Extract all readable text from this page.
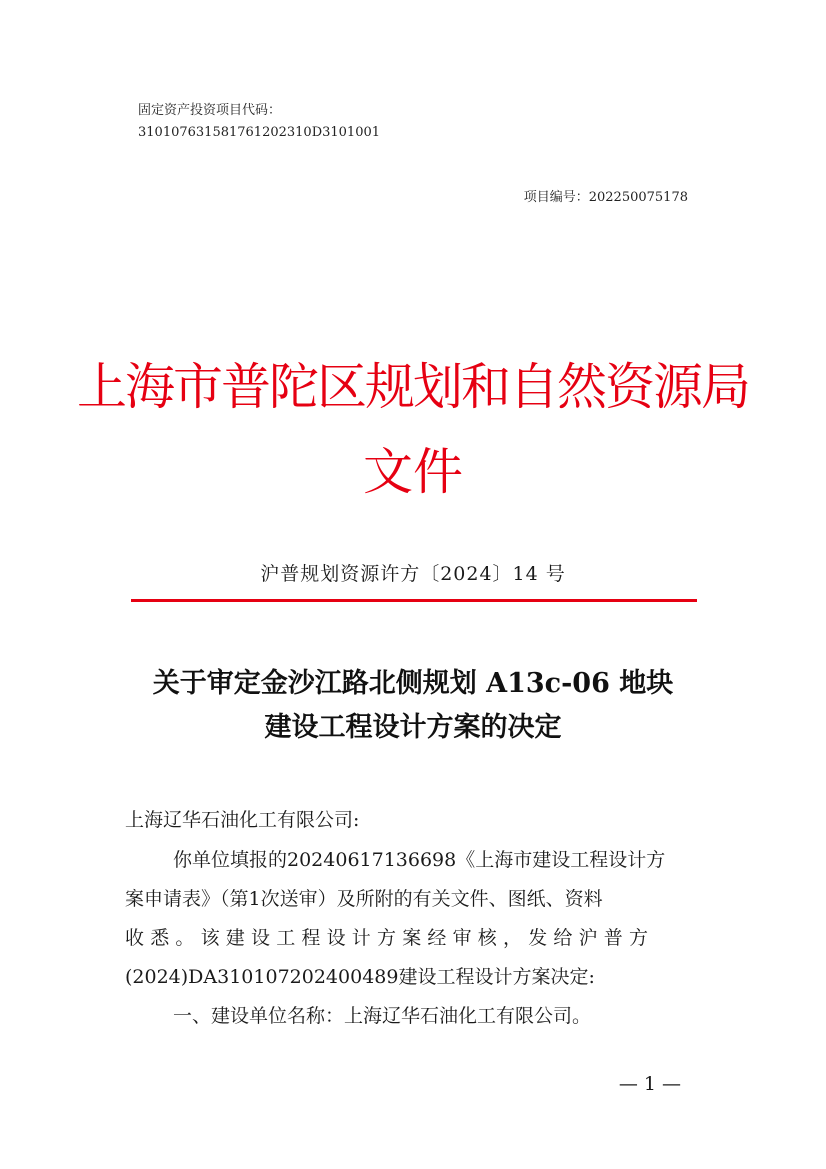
固定资产投资项目代码：
310107631581761202310D3101001
项目编号：202250075178
上海市普陀区规划和自然资源局
文件
沪普规划资源许方〔2024〕14 号
关于审定金沙江路北侧规划 A13c-06 地块
建设工程设计方案的决定
上海辽华石油化工有限公司:
你单位填报的20240617136698《上海市建设工程设计方
案申请表》（第1次送审）及所附的有关文件、图纸、资料
收悉。该建设工程设计方案经审核，发给沪普方
(2024)DA310107202400489建设工程设计方案决定:
一、建设单位名称：上海辽华石油化工有限公司。
— 1 —
